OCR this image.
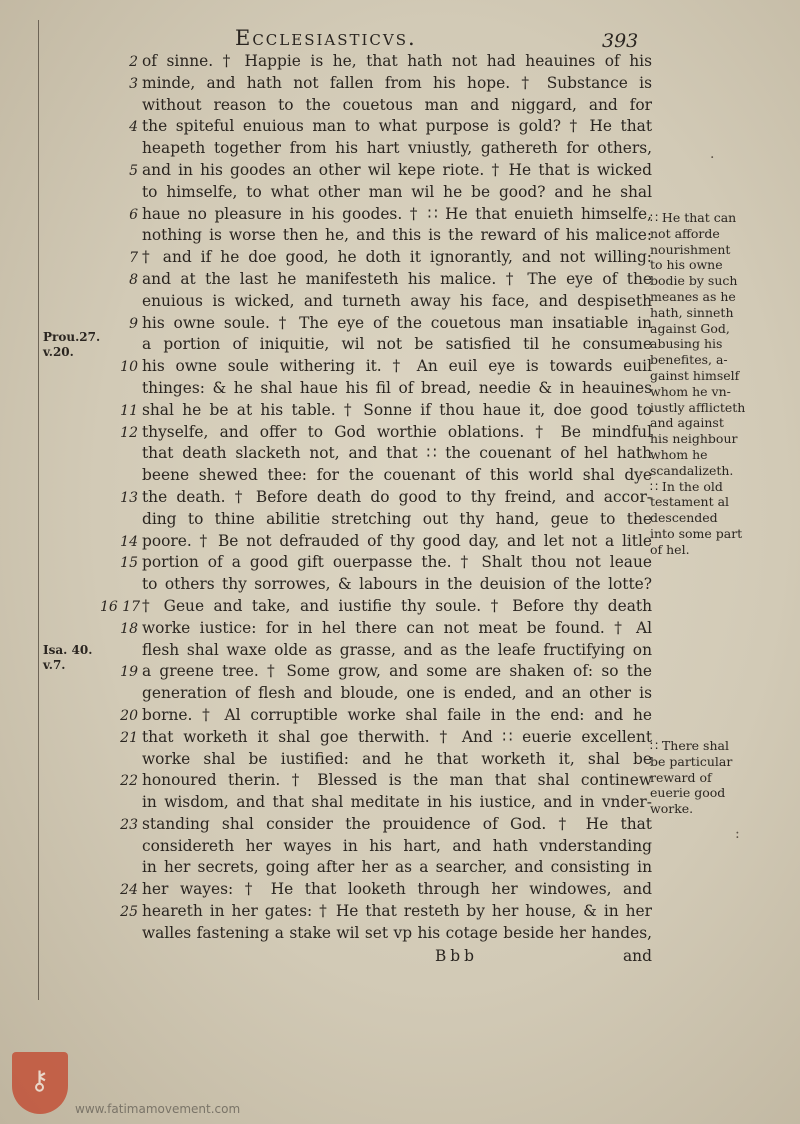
Ecclesiasticvs.	393
2 of sinne. † Happie is he, that hath not had heauines of his
3 minde, and hath not fallen from his hope. † Substance is
without reason to the couetous man and niggard, and for
4 the spiteful enuious man to what purpose is gold? † He that
heapeth together from his hart vniustly, gathereth for others,
5 and in his goodes an other wil kepe riote. † He that is wicked
to himselfe, to what other man wil he be good? and he shal
6 haue no pleasure in his goodes. † ∷ He that enuieth himselfe,
nothing is worse then he, and this is the reward of his malice:
7 † and if he doe good, he doth it ignorantly, and not willing:
8 and at the last he manifesteth his malice. † The eye of the
enuious is wicked, and turneth away his face, and despiseth
9 his owne soule. † The eye of the couetous man insatiable in
a portion of iniquitie, wil not be satisfied til he consume
10 his owne soule withering it. † An euil eye is towards euil
thinges: & he shal haue his fil of bread, needie & in heauines
11 shal he be at his table. † Sonne if thou haue it, doe good to
12 thyselfe, and offer to God worthie oblations. † Be mindful
that death slacketh not, and that ∷ the couenant of hel hath
beene shewed thee: for the couenant of this world shal dye
13 the death. † Before death do good to thy freind, and accor-
ding to thine abilitie stretching out thy hand, geue to the
14 poore. † Be not defrauded of thy good day, and let not a litle
15 portion of a good gift ouerpasse the. † Shalt thou not leaue
to others thy sorrowes, & labours in the deuision of the lotte?
16 17 † Geue and take, and iustifie thy soule. † Before thy death
18 worke iustice: for in hel there can not meat be found. † Al
flesh shal waxe olde as grasse, and as the leafe fructifying on
19 a greene tree. † Some grow, and some are shaken of: so the
generation of flesh and bloude, one is ended, and an other is
20 borne. † Al corruptible worke shal faile in the end: and he
21 that worketh it shal goe therwith. † And ∷ euerie excellent
worke shal be iustified: and he that worketh it, shal be
22 honoured therin. † Blessed is the man that shal continew
in wisdom, and that shal meditate in his iustice, and in vnder-
23 standing shal consider the prouidence of God. † He that
considereth her wayes in his hart, and hath vnderstanding
in her secrets, going after her as a searcher, and consisting in
24 her wayes: † He that looketh through her windowes, and
25 heareth in her gates: † He that resteth by her house, & in her
walles fastening a stake wil set vp his cotage beside her handes,
Bbb	and
Prou.27.
v.20.
Isa. 40.
v.7.
∷ He that can
not afforde
nourishment
to his owne
bodie by such
meanes as he
hath, sinneth
against God,
abusing his
benefites, a-
gainst himself
whom he vn-
iustly afflicteth
and against
his neighbour
whom he
scandalizeth.
∷ In the old
testament al
descended
into some part
of hel.
∷ There shal
be particular
reward of
euerie good
worke.
·
:
⚷
www.fatimamovement.com
